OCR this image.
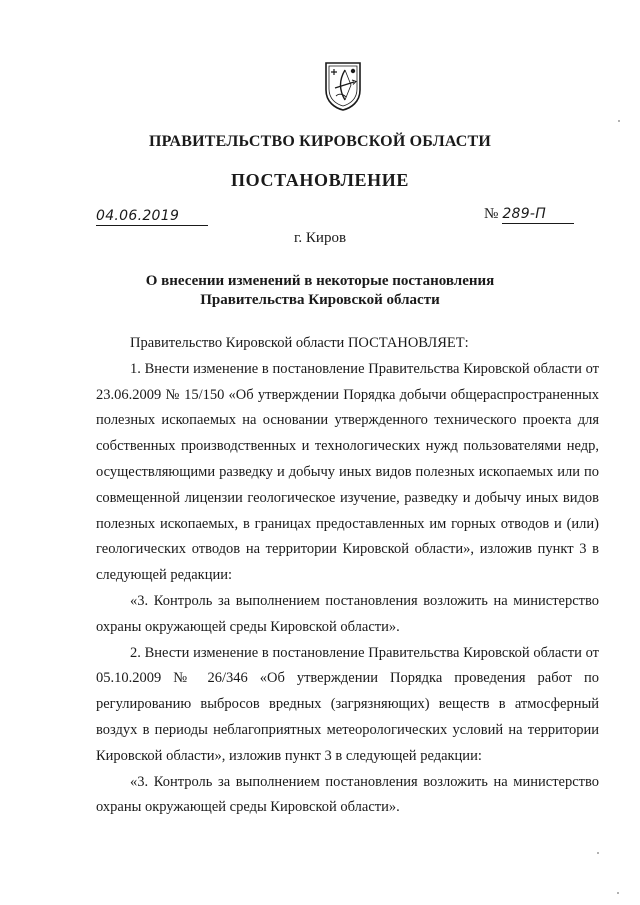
ПРАВИТЕЛЬСТВО КИРОВСКОЙ ОБЛАСТИ
ПОСТАНОВЛЕНИЕ
04.06.2019	№ 289-П
г. Киров
О внесении изменений в некоторые постановления
Правительства Кировской области

Правительство Кировской области ПОСТАНОВЛЯЕТ:

1. Внести изменение в постановление Правительства Кировской области от 23.06.2009 № 15/150 «Об утверждении Порядка добычи общераспространенных полезных ископаемых на основании утвержденного технического проекта для собственных производственных и технологических нужд пользователями недр, осуществляющими разведку и добычу иных видов полезных ископаемых или по совмещенной лицензии геологическое изучение, разведку и добычу иных видов полезных ископаемых, в границах предоставленных им горных отводов и (или) геологических отводов на территории Кировской области», изложив пункт 3 в следующей редакции:

«3. Контроль за выполнением постановления возложить на министерство охраны окружающей среды Кировской области».

2. Внести изменение в постановление Правительства Кировской области от 05.10.2009 № 26/346 «Об утверждении Порядка проведения работ по регулированию выбросов вредных (загрязняющих) веществ в атмосферный воздух в периоды неблагоприятных метеорологических условий на территории Кировской области», изложив пункт 3 в следующей редакции:

«3. Контроль за выполнением постановления возложить на министерство охраны окружающей среды Кировской области».
